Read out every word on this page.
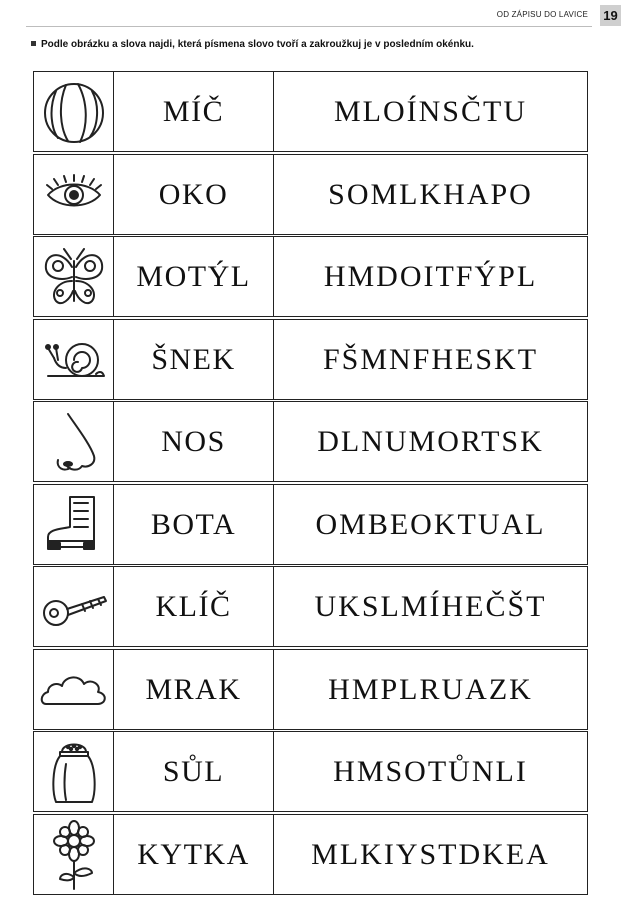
OD ZÁPISU DO LAVICE 19
Podle obrázku a slova najdi, která písmena slovo tvoří a zakroužkuj je v posledním okénku.
MÍČ	MLOÍNSČTU
OKO	SOMLKHAPO
MOTÝL HMDOITFÝPL
ŠNEK	FŠMNFHESKT
NOS	DLNUMORTSK
BOTA	OMBEOKTUAL
KLÍČ	UKSLMÍHEČŠT
MRAK	HMPLRUAZK
SŮL	HMSOTŮNLI
KYTKA MLKIYSTDKEA
